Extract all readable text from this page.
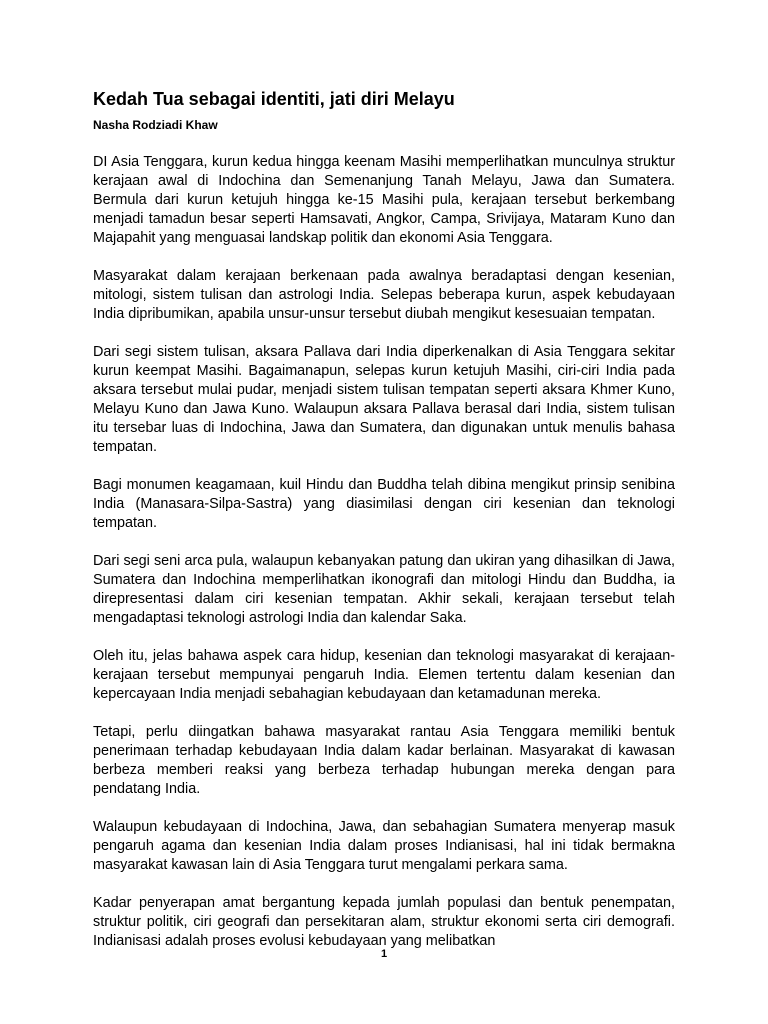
Kedah Tua sebagai identiti, jati diri Melayu
Nasha Rodziadi Khaw

DI Asia Tenggara, kurun kedua hingga keenam Masihi memperlihatkan munculnya struktur kerajaan awal di Indochina dan Semenanjung Tanah Melayu, Jawa dan Sumatera. Bermula dari kurun ketujuh hingga ke-15 Masihi pula, kerajaan tersebut berkembang menjadi tamadun besar seperti Hamsavati, Angkor, Campa, Srivijaya, Mataram Kuno dan Majapahit yang menguasai landskap politik dan ekonomi Asia Tenggara.

Masyarakat dalam kerajaan berkenaan pada awalnya beradaptasi dengan kesenian, mitologi, sistem tulisan dan astrologi India. Selepas beberapa kurun, aspek kebudayaan India dipribumikan, apabila unsur-unsur tersebut diubah mengikut kesesuaian tempatan.

Dari segi sistem tulisan, aksara Pallava dari India diperkenalkan di Asia Tenggara sekitar kurun keempat Masihi. Bagaimanapun, selepas kurun ketujuh Masihi, ciri-ciri India pada aksara tersebut mulai pudar, menjadi sistem tulisan tempatan seperti aksara Khmer Kuno, Melayu Kuno dan Jawa Kuno. Walaupun aksara Pallava berasal dari India, sistem tulisan itu tersebar luas di Indochina, Jawa dan Sumatera, dan digunakan untuk menulis bahasa tempatan.

Bagi monumen keagamaan, kuil Hindu dan Buddha telah dibina mengikut prinsip senibina India (Manasara-Silpa-Sastra) yang diasimilasi dengan ciri kesenian dan teknologi tempatan.

Dari segi seni arca pula, walaupun kebanyakan patung dan ukiran yang dihasilkan di Jawa, Sumatera dan Indochina memperlihatkan ikonografi dan mitologi Hindu dan Buddha, ia direpresentasi dalam ciri kesenian tempatan. Akhir sekali, kerajaan tersebut telah mengadaptasi teknologi astrologi India dan kalendar Saka.

Oleh itu, jelas bahawa aspek cara hidup, kesenian dan teknologi masyarakat di kerajaan-kerajaan tersebut mempunyai pengaruh India. Elemen tertentu dalam kesenian dan kepercayaan India menjadi sebahagian kebudayaan dan ketamadunan mereka.

Tetapi, perlu diingatkan bahawa masyarakat rantau Asia Tenggara memiliki bentuk penerimaan terhadap kebudayaan India dalam kadar berlainan. Masyarakat di kawasan berbeza memberi reaksi yang berbeza terhadap hubungan mereka dengan para pendatang India.

Walaupun kebudayaan di Indochina, Jawa, dan sebahagian Sumatera menyerap masuk pengaruh agama dan kesenian India dalam proses Indianisasi, hal ini tidak bermakna masyarakat kawasan lain di Asia Tenggara turut mengalami perkara sama.

Kadar penyerapan amat bergantung kepada jumlah populasi dan bentuk penempatan, struktur politik, ciri geografi dan persekitaran alam, struktur ekonomi serta ciri demografi. Indianisasi adalah proses evolusi kebudayaan yang melibatkan

1
